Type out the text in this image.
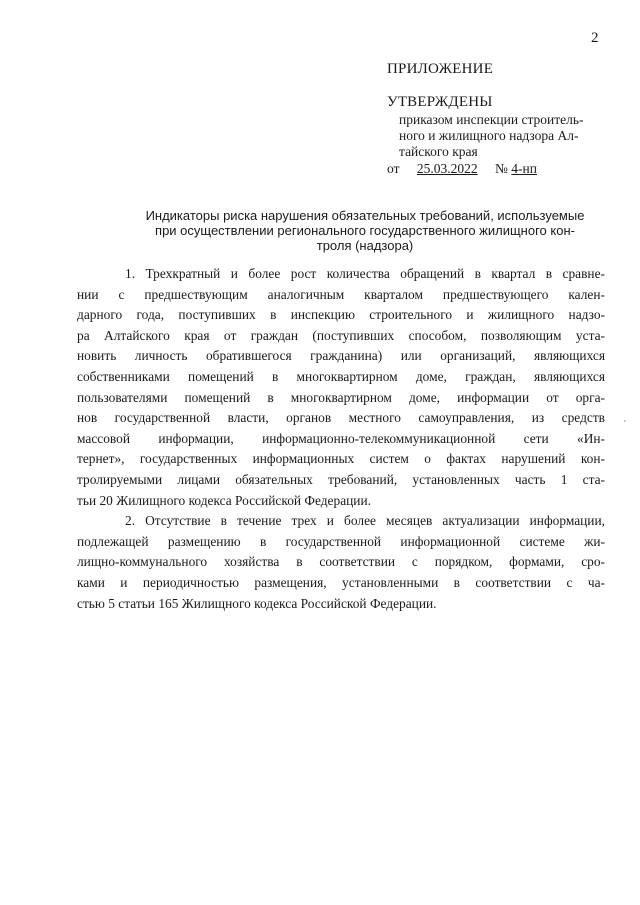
2
ПРИЛОЖЕНИЕ
УТВЕРЖДЕНЫ
приказом инспекции строитель-
ного и жилищного надзора Ал-
тайского края
от 25.03.2022 № 4-нп
Индикаторы риска нарушения обязательных требований, используемые
при осуществлении регионального государственного жилищного кон-
троля (надзора)
1. Трехкратный и более рост количества обращений в квартал в сравне-
нии с предшествующим аналогичным кварталом предшествующего кален-
дарного года, поступивших в инспекцию строительного и жилищного надзо-
ра Алтайского края от граждан (поступивших способом, позволяющим уста-
новить личность обратившегося гражданина) или организаций, являющихся
собственниками помещений в многоквартирном доме, граждан, являющихся
пользователями помещений в многоквартирном доме, информации от орга-
нов государственной власти, органов местного самоуправления, из средств
массовой информации, информационно-телекоммуникационной сети «Ин-
тернет», государственных информационных систем о фактах нарушений кон-
тролируемыми лицами обязательных требований, установленных часть 1 ста-
тьи 20 Жилищного кодекса Российской Федерации.
2. Отсутствие в течение трех и более месяцев актуализации информации,
подлежащей размещению в государственной информационной системе жи-
лищно-коммунального хозяйства в соответствии с порядком, формами, сро-
ками и периодичностью размещения, установленными в соответствии с ча-
стью 5 статьи 165 Жилищного кодекса Российской Федерации.
